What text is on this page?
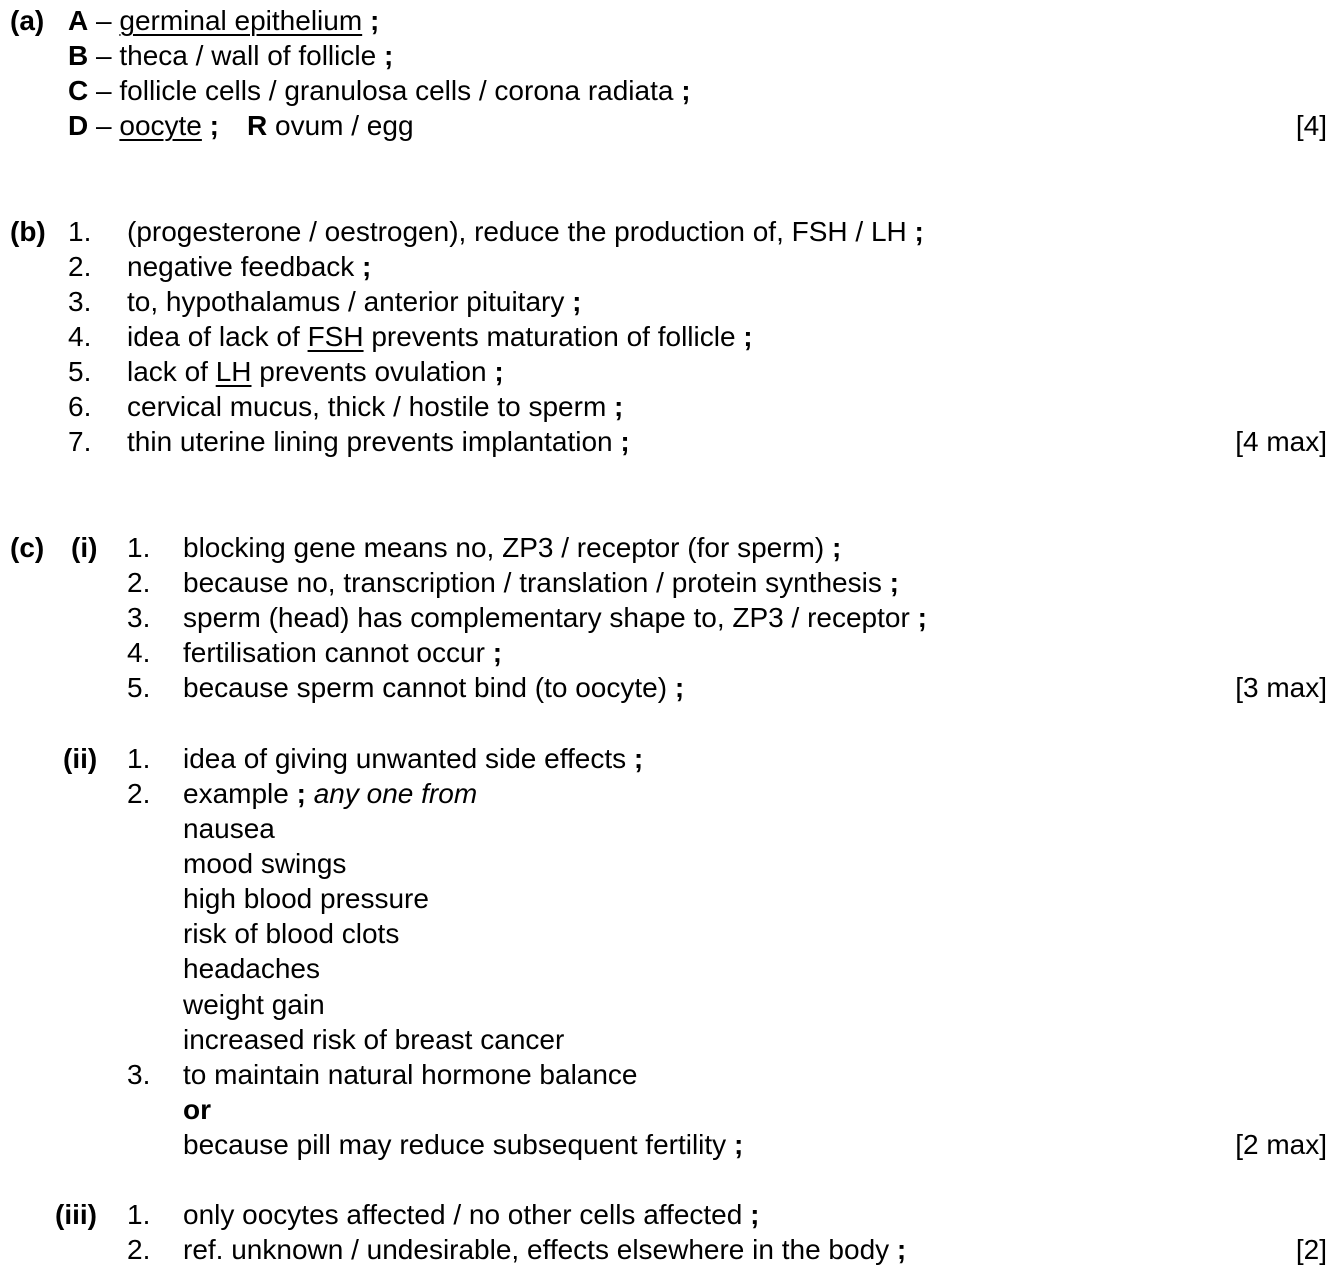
(a) A – germinal epithelium ;
B – theca / wall of follicle ;
C – follicle cells / granulosa cells / corona radiata ;
D – oocyte ; R ovum / egg	[4]
(b) 1. (progesterone / oestrogen), reduce the production of, FSH / LH ;
2. negative feedback ;
3. to, hypothalamus / anterior pituitary ;
4. idea of lack of FSH prevents maturation of follicle ;
5. lack of LH prevents ovulation ;
6. cervical mucus, thick / hostile to sperm ;
7. thin uterine lining prevents implantation ;	[4 max]
(c) (i) 1. blocking gene means no, ZP3 / receptor (for sperm) ;
2. because no, transcription / translation / protein synthesis ;
3. sperm (head) has complementary shape to, ZP3 / receptor ;
4. fertilisation cannot occur ;
5. because sperm cannot bind (to oocyte) ;	[3 max]
(ii) 1. idea of giving unwanted side effects ;
2. example ; any one from
nausea
mood swings
high blood pressure
risk of blood clots
headaches
weight gain
increased risk of breast cancer
3. to maintain natural hormone balance
or
because pill may reduce subsequent fertility ;	[2 max]
(iii) 1. only oocytes affected / no other cells affected ;
2. ref. unknown / undesirable, effects elsewhere in the body ;	[2]
